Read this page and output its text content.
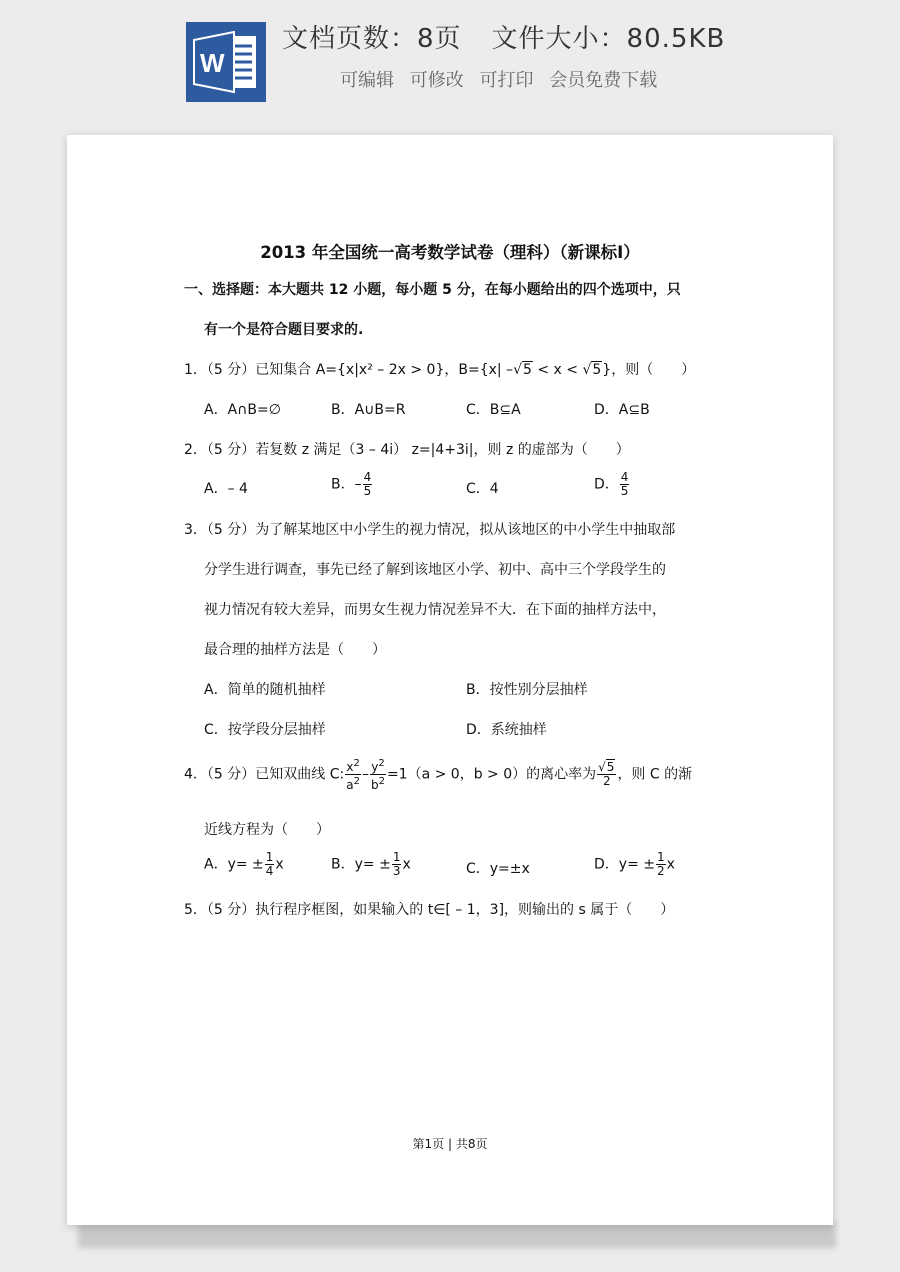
W
文档页数：8页 文件大小：80.5KB
可编辑 可修改 可打印 会员免费下载
2013 年全国统一高考数学试卷（理科）（新课标Ⅰ）
一、选择题：本大题共 12 小题，每小题 5 分，在每小题给出的四个选项中，只
有一个是符合题目要求的.
1．（5 分）已知集合 A={x|x² – 2x > 0}，B={x| –√5 < x < √5}，则（　　）
A．A∩B=∅	B．A∪B=R	C．B⊆A	D．A⊆B
2．（5 分）若复数 z 满足（3 – 4i） z=|4+3i|，则 z 的虚部为（　　）
A．– 4	B．– $\frac{4}{5}$	C．4	D． $\frac{4}{5}$
3．（5 分）为了解某地区中小学生的视力情况，拟从该地区的中小学生中抽取部
分学生进行调查，事先已经了解到该地区小学、初中、高中三个学段学生的
视力情况有较大差异，而男女生视力情况差异不大．在下面的抽样方法中，
最合理的抽样方法是（　　）
A．简单的随机抽样	B．按性别分层抽样
C．按学段分层抽样	D．系统抽样
4．（5 分）已知双曲线 C: $\frac{x^2}{a^2} - \frac{y^2}{b^2} =1(a > 0$，b > 0）的离心率为 $\frac{√5}{2}$ ，则 C 的渐
近线方程为（　　）
A．$y= \pm \frac{1}{4}$ x	B．$y= \pm \frac{1}{3}$ x	C．y=±x	D．$y= \pm \frac{1}{2}$ x
5．（5 分）执行程序框图，如果输入的 t∈[ – 1，3]，则输出的 s 属于（　　）
第1页 | 共8页
